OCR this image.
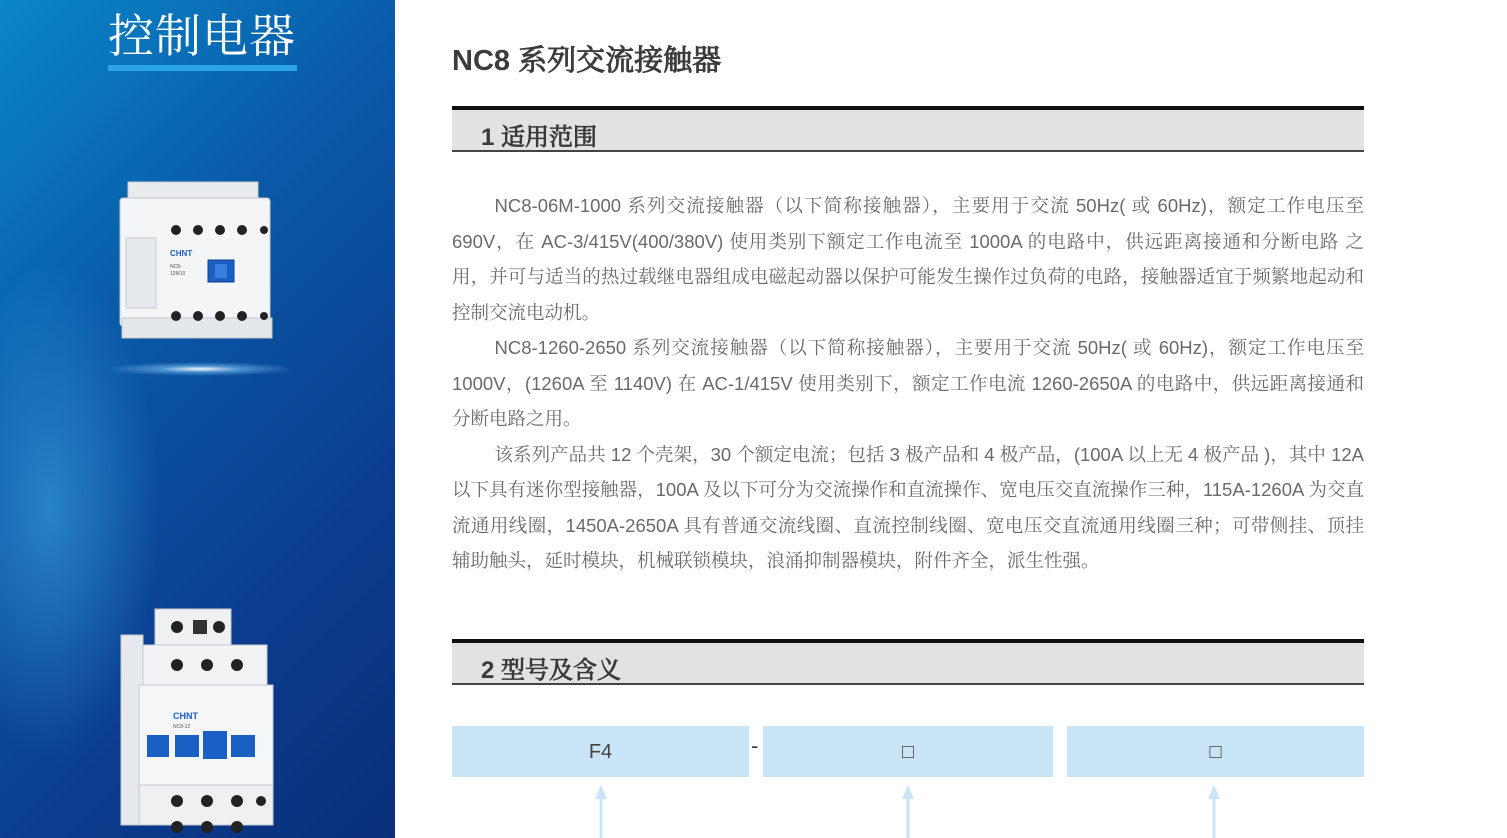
控制电器
CHNT
NC8-
12M10
CHNT
NC8-12
NC8 系列交流接触器
1 适用范围

NC8-06M-1000 系列交流接触器（以下简称接触器），主要用于交流 50Hz( 或 60Hz)，额定工作电压至 690V，在 AC-3/415V(400/380V) 使用类别下额定工作电流至 1000A 的电路中，供远距离接通和分断电路 之用，并可与适当的热过载继电器组成电磁起动器以保护可能发生操作过负荷的电路，接触器适宜于频繁地起动和控制交流电动机。

NC8-1260-2650 系列交流接触器（以下简称接触器），主要用于交流 50Hz( 或 60Hz)，额定工作电压至 1000V，(1260A 至 1140V) 在 AC-1/415V 使用类别下，额定工作电流 1260-2650A 的电路中，供远距离接通和分断电路之用。

该系列产品共 12 个壳架，30 个额定电流；包括 3 极产品和 4 极产品，(100A 以上无 4 极产品 )，其中 12A 以下具有迷你型接触器，100A 及以下可分为交流操作和直流操作、宽电压交直流操作三种，115A-1260A 为交直流通用线圈，1450A-2650A 具有普通交流线圈、直流控制线圈、宽电压交直流通用线圈三种；可带侧挂、顶挂辅助触头，延时模块，机械联锁模块，浪涌抑制器模块，附件齐全，派生性强。

2 型号及含义
F4	-	□	□
